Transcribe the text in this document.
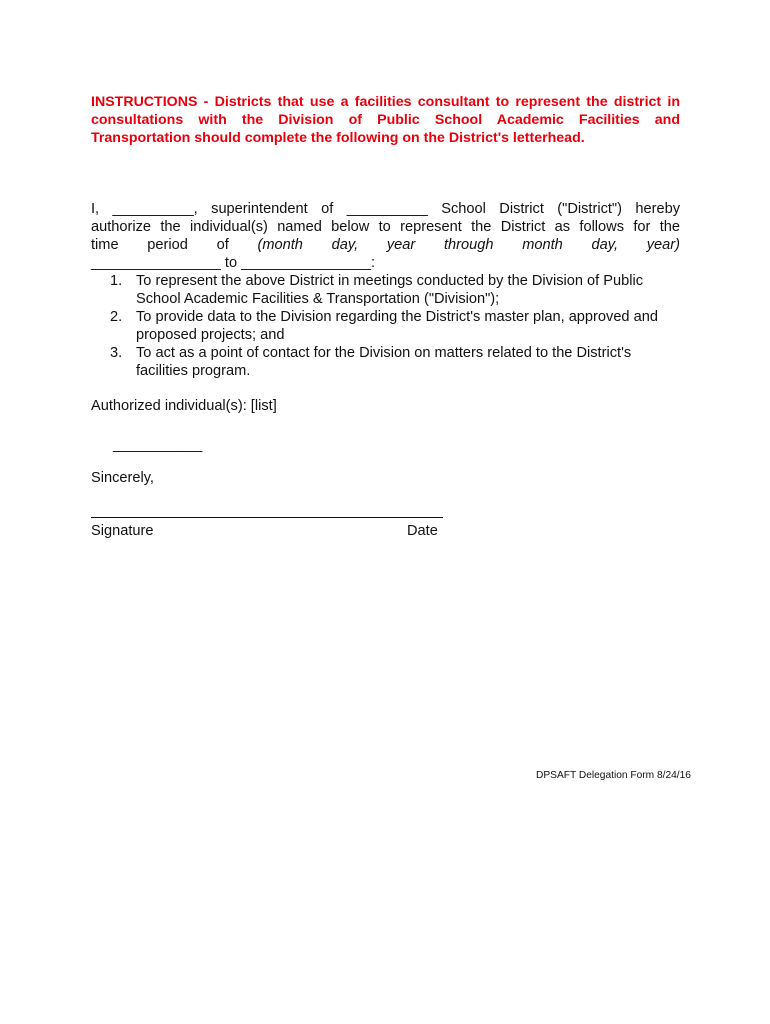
INSTRUCTIONS - Districts that use a facilities consultant to represent the district in consultations with the Division of Public School Academic Facilities and Transportation should complete the following on the District's letterhead.

I, __________, superintendent of __________ School District ("District") hereby

authorize the individual(s) named below to represent the District as follows for the

time period of (month day, year through month day, year)

________________ to ________________:

1. To represent the above District in meetings conducted by the Division of Public School Academic Facilities & Transportation ("Division");
2. To provide data to the Division regarding the District's master plan, approved and proposed projects; and
3. To act as a point of contact for the Division on matters related to the District's facilities program.

Authorized individual(s): [list]

___________

Sincerely,

Signature	Date

DPSAFT Delegation Form 8/24/16
